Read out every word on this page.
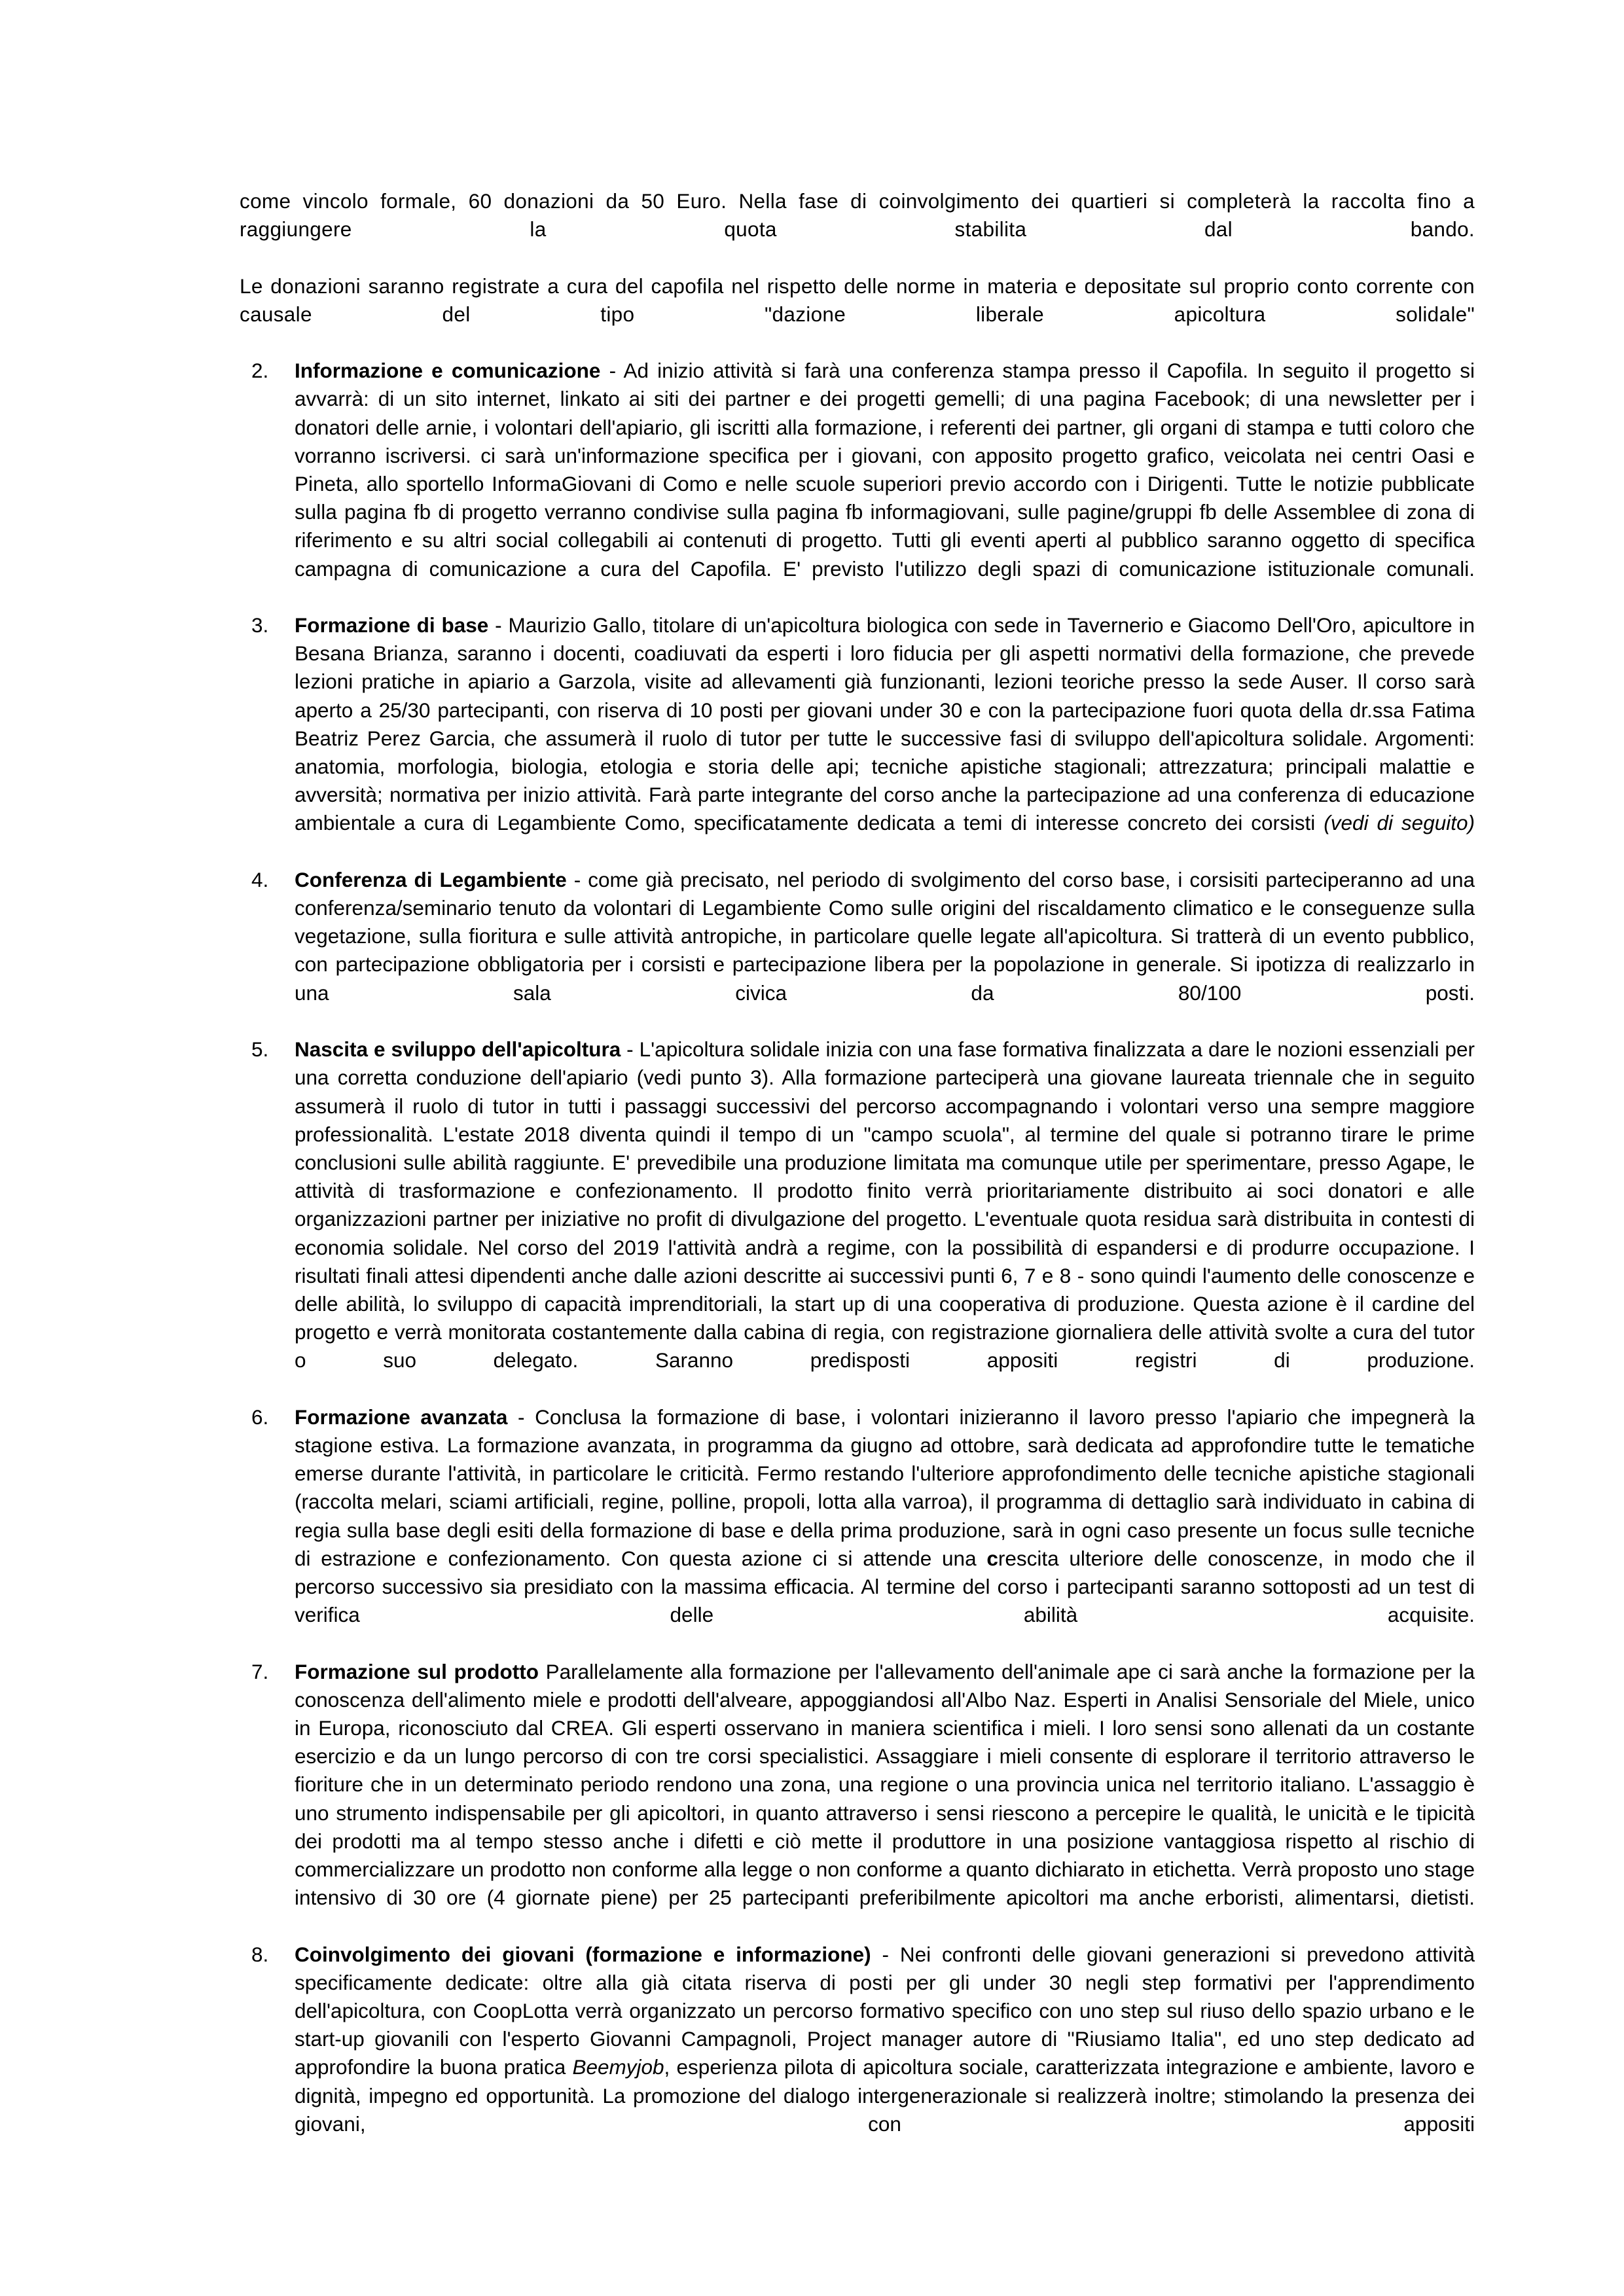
come vincolo formale, 60 donazioni da 50 Euro. Nella fase di coinvolgimento dei quartieri si completerà la raccolta fino a raggiungere la quota stabilita dal bando.

Le donazioni saranno registrate a cura del capofila nel rispetto delle norme in materia e depositate sul proprio conto corrente con causale del tipo "dazione liberale apicoltura solidale"

2.	Informazione e comunicazione - Ad inizio attività si farà una conferenza stampa presso il Capofila. In seguito il progetto si avvarrà: di un sito internet, linkato ai siti dei partner e dei progetti gemelli; di una pagina Facebook; di una newsletter per i donatori delle arnie, i volontari dell'apiario, gli iscritti alla formazione, i referenti dei partner, gli organi di stampa e tutti coloro che vorranno iscriversi. ci sarà un'informazione specifica per i giovani, con apposito progetto grafico, veicolata nei centri Oasi e Pineta, allo sportello InformaGiovani di Como e nelle scuole superiori previo accordo con i Dirigenti. Tutte le notizie pubblicate sulla pagina fb di progetto verranno condivise sulla pagina fb informagiovani, sulle pagine/gruppi fb delle Assemblee di zona di riferimento e su altri social collegabili ai contenuti di progetto. Tutti gli eventi aperti al pubblico saranno oggetto di specifica campagna di comunicazione a cura del Capofila. E' previsto l'utilizzo degli spazi di comunicazione istituzionale comunali.
3.	Formazione di base - Maurizio Gallo, titolare di un'apicoltura biologica con sede in Tavernerio e Giacomo Dell'Oro, apicultore in Besana Brianza, saranno i docenti, coadiuvati da esperti i loro fiducia per gli aspetti normativi della formazione, che prevede lezioni pratiche in apiario a Garzola, visite ad allevamenti già funzionanti, lezioni teoriche presso la sede Auser. Il corso sarà aperto a 25/30 partecipanti, con riserva di 10 posti per giovani under 30 e con la partecipazione fuori quota della dr.ssa Fatima Beatriz Perez Garcia, che assumerà il ruolo di tutor per tutte le successive fasi di sviluppo dell'apicoltura solidale. Argomenti: anatomia, morfologia, biologia, etologia e storia delle api; tecniche apistiche stagionali; attrezzatura; principali malattie e avversità; normativa per inizio attività. Farà parte integrante del corso anche la partecipazione ad una conferenza di educazione ambientale a cura di Legambiente Como, specificatamente dedicata a temi di interesse concreto dei corsisti (vedi di seguito)
4.	Conferenza di Legambiente - come già precisato, nel periodo di svolgimento del corso base, i corsisiti parteciperanno ad una conferenza/seminario tenuto da volontari di Legambiente Como sulle origini del riscaldamento climatico e le conseguenze sulla vegetazione, sulla fioritura e sulle attività antropiche, in particolare quelle legate all'apicoltura. Si tratterà di un evento pubblico, con partecipazione obbligatoria per i corsisti e partecipazione libera per la popolazione in generale. Si ipotizza di realizzarlo in una sala civica da 80/100 posti.
5.	Nascita e sviluppo dell'apicoltura - L'apicoltura solidale inizia con una fase formativa finalizzata a dare le nozioni essenziali per una corretta conduzione dell'apiario (vedi punto 3). Alla formazione parteciperà una giovane laureata triennale che in seguito assumerà il ruolo di tutor in tutti i passaggi successivi del percorso accompagnando i volontari verso una sempre maggiore professionalità. L'estate 2018 diventa quindi il tempo di un "campo scuola", al termine del quale si potranno tirare le prime conclusioni sulle abilità raggiunte. E' prevedibile una produzione limitata ma comunque utile per sperimentare, presso Agape, le attività di trasformazione e confezionamento. Il prodotto finito verrà prioritariamente distribuito ai soci donatori e alle organizzazioni partner per iniziative no profit di divulgazione del progetto. L'eventuale quota residua sarà distribuita in contesti di economia solidale. Nel corso del 2019 l'attività andrà a regime, con la possibilità di espandersi e di produrre occupazione. I risultati finali attesi dipendenti anche dalle azioni descritte ai successivi punti 6, 7 e 8 - sono quindi l'aumento delle conoscenze e delle abilità, lo sviluppo di capacità imprenditoriali, la start up di una cooperativa di produzione. Questa azione è il cardine del progetto e verrà monitorata costantemente dalla cabina di regia, con registrazione giornaliera delle attività svolte a cura del tutor o suo delegato. Saranno predisposti appositi registri di produzione.
6.	Formazione avanzata - Conclusa la formazione di base, i volontari inizieranno il lavoro presso l'apiario che impegnerà la stagione estiva. La formazione avanzata, in programma da giugno ad ottobre, sarà dedicata ad approfondire tutte le tematiche emerse durante l'attività, in particolare le criticità. Fermo restando l'ulteriore approfondimento delle tecniche apistiche stagionali (raccolta melari, sciami artificiali, regine, polline, propoli, lotta alla varroa), il programma di dettaglio sarà individuato in cabina di regia sulla base degli esiti della formazione di base e della prima produzione, sarà in ogni caso presente un focus sulle tecniche di estrazione e confezionamento. Con questa azione ci si attende una crescita ulteriore delle conoscenze, in modo che il percorso successivo sia presidiato con la massima efficacia. Al termine del corso i partecipanti saranno sottoposti ad un test di verifica delle abilità acquisite.
7.	Formazione sul prodotto Parallelamente alla formazione per l'allevamento dell'animale ape ci sarà anche la formazione per la conoscenza dell'alimento miele e prodotti dell'alveare, appoggiandosi all'Albo Naz. Esperti in Analisi Sensoriale del Miele, unico in Europa, riconosciuto dal CREA. Gli esperti osservano in maniera scientifica i mieli. I loro sensi sono allenati da un costante esercizio e da un lungo percorso di con tre corsi specialistici. Assaggiare i mieli consente di esplorare il territorio attraverso le fioriture che in un determinato periodo rendono una zona, una regione o una provincia unica nel territorio italiano. L'assaggio è uno strumento indispensabile per gli apicoltori, in quanto attraverso i sensi riescono a percepire le qualità, le unicità e le tipicità dei prodotti ma al tempo stesso anche i difetti e ciò mette il produttore in una posizione vantaggiosa rispetto al rischio di commercializzare un prodotto non conforme alla legge o non conforme a quanto dichiarato in etichetta. Verrà proposto uno stage intensivo di 30 ore (4 giornate piene) per 25 partecipanti preferibilmente apicoltori ma anche erboristi, alimentarsi, dietisti.
8.	Coinvolgimento dei giovani (formazione e informazione) - Nei confronti delle giovani generazioni si prevedono attività specificamente dedicate: oltre alla già citata riserva di posti per gli under 30 negli step formativi per l'apprendimento dell'apicoltura, con CoopLotta verrà organizzato un percorso formativo specifico con uno step sul riuso dello spazio urbano e le start-up giovanili con l'esperto Giovanni Campagnoli, Project manager autore di "Riusiamo Italia", ed uno step dedicato ad approfondire la buona pratica Beemyjob, esperienza pilota di apicoltura sociale, caratterizzata integrazione e ambiente, lavoro e dignità, impegno ed opportunità. La promozione del dialogo intergenerazionale si realizzerà inoltre; stimolando la presenza dei giovani, con appositi
